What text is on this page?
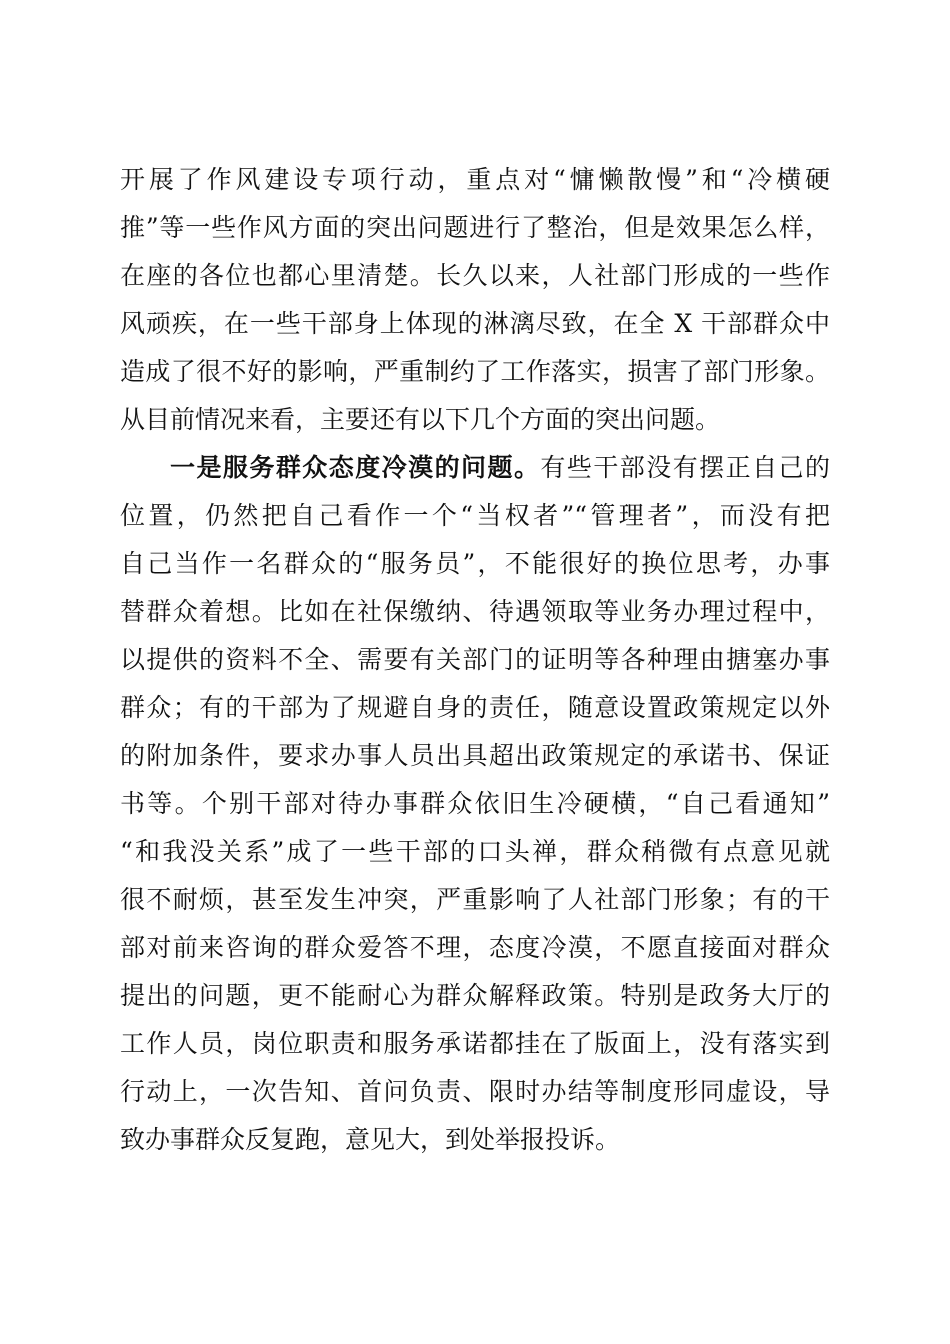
开展了作风建设专项行动，重点对“慵懒散慢”和“冷横硬
推”等一些作风方面的突出问题进行了整治，但是效果怎么样，
在座的各位也都心里清楚。长久以来，人社部门形成的一些作
风顽疾，在一些干部身上体现的淋漓尽致，在全 X 干部群众中
造成了很不好的影响，严重制约了工作落实，损害了部门形象。
从目前情况来看，主要还有以下几个方面的突出问题。
一是服务群众态度冷漠的问题。有些干部没有摆正自己的
位置，仍然把自己看作一个“当权者”“管理者”，而没有把
自己当作一名群众的“服务员”，不能很好的换位思考，办事
替群众着想。比如在社保缴纳、待遇领取等业务办理过程中，
以提供的资料不全、需要有关部门的证明等各种理由搪塞办事
群众；有的干部为了规避自身的责任，随意设置政策规定以外
的附加条件，要求办事人员出具超出政策规定的承诺书、保证
书等。个别干部对待办事群众依旧生冷硬横，“自己看通知”
“和我没关系”成了一些干部的口头禅，群众稍微有点意见就
很不耐烦，甚至发生冲突，严重影响了人社部门形象；有的干
部对前来咨询的群众爱答不理，态度冷漠，不愿直接面对群众
提出的问题，更不能耐心为群众解释政策。特别是政务大厅的
工作人员，岗位职责和服务承诺都挂在了版面上，没有落实到
行动上，一次告知、首问负责、限时办结等制度形同虚设，导
致办事群众反复跑，意见大，到处举报投诉。
